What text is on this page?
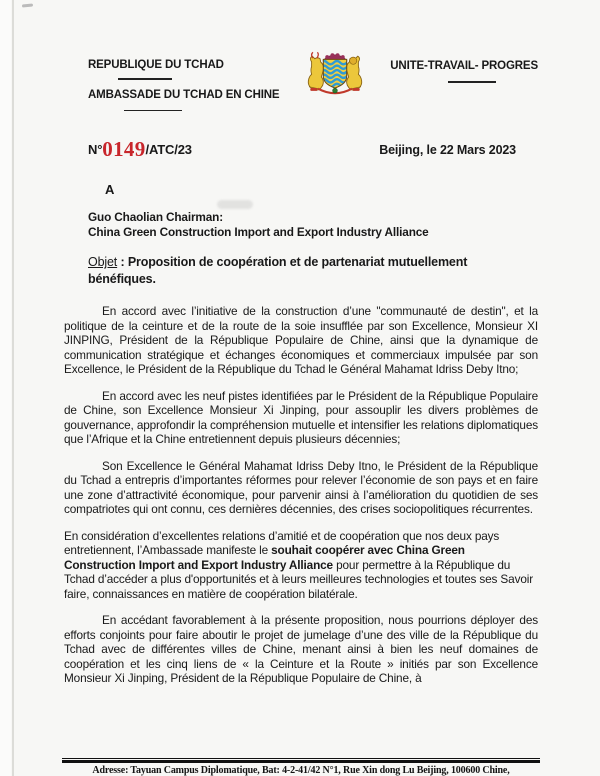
REPUBLIQUE DU TCHAD
AMBASSADE DU TCHAD EN CHINE
UNITE-TRAVAIL- PROGRES
N°0149/ATC/23	Beijing, le 22 Mars 2023
A
Guo Chaolian Chairman:
China Green Construction Import and Export Industry Alliance
Objet : Proposition de coopération et de partenariat mutuellement bénéfiques.

En accord avec l’initiative de la construction d’une "communauté de destin", et la politique de la ceinture et de la route de la soie insufflée par son Excellence, Monsieur XI JINPING, Président de la République Populaire de Chine, ainsi que la dynamique de communication stratégique et échanges économiques et commerciaux impulsée par son Excellence, le Président de la République du Tchad le Général Mahamat Idriss Deby Itno;

En accord avec les neuf pistes identifiées par le Président de la République Populaire de Chine, son Excellence Monsieur Xi Jinping, pour assouplir les divers problèmes de gouvernance, approfondir la compréhension mutuelle et intensifier les relations diplomatiques que l’Afrique et la Chine entretiennent depuis plusieurs décennies;

Son Excellence le Général Mahamat Idriss Deby Itno, le Président de la République du Tchad a entrepris d’importantes réformes pour relever l’économie de son pays et en faire une zone d’attractivité économique, pour parvenir ainsi à l’amélioration du quotidien de ses compatriotes qui ont connu, ces dernières décennies, des crises sociopolitiques récurrentes.

En considération d’excellentes relations d’amitié et de coopération que nos deux pays entretiennent, l’Ambassade manifeste le souhait coopérer avec China Green Construction Import and Export Industry Alliance pour permettre à la République du Tchad d’accéder a plus d'opportunités et à leurs meilleures technologies et toutes ses Savoir faire, connaissances en matière de coopération bilatérale.

En accédant favorablement à la présente proposition, nous pourrions déployer des efforts conjoints pour faire aboutir le projet de jumelage d’une des ville de la République du Tchad avec de différentes villes de Chine, menant ainsi à bien les neuf domaines de coopération et les cinq liens de « la Ceinture et la Route » initiés par son Excellence Monsieur Xi Jinping, Président de la République Populaire de Chine, à

Adresse: Tayuan Campus Diplomatique, Bat: 4-2-41/42 N°1, Rue Xin dong Lu Beijing, 100600 Chine,
